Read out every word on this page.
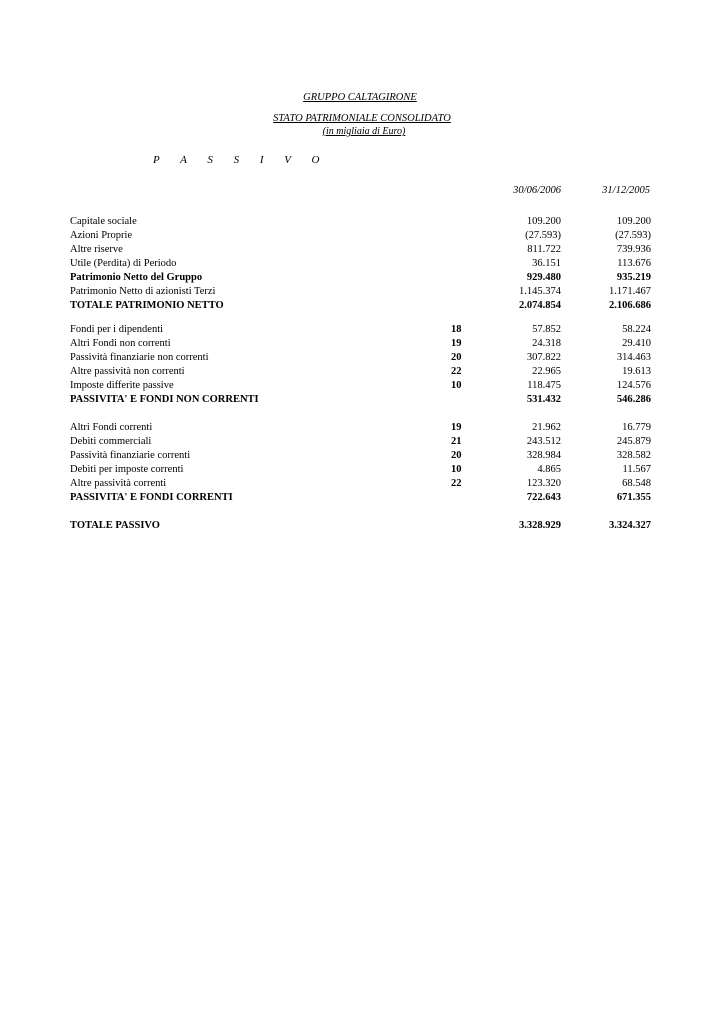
GRUPPO CALTAGIRONE
STATO PATRIMONIALE CONSOLIDATO
(in migliaia di Euro)
P A S S I V O
30/06/2006	31/12/2005
Capitale sociale	109.200	109.200
Azioni Proprie	(27.593)	(27.593)
Altre riserve	811.722	739.936
Utile (Perdita) di Periodo	36.151	113.676
Patrimonio Netto del Gruppo	929.480	935.219
Patrimonio Netto di azionisti Terzi	1.145.374	1.171.467
TOTALE PATRIMONIO NETTO	2.074.854	2.106.686
Fondi per i dipendenti	18	57.852	58.224
Altri Fondi non correnti	19	24.318	29.410
Passività finanziarie non correnti	20	307.822	314.463
Altre passività non correnti	22	22.965	19.613
Imposte differite passive	10	118.475	124.576
PASSIVITA' E FONDI NON CORRENTI	531.432	546.286
Altri Fondi correnti	19	21.962	16.779
Debiti commerciali	21	243.512	245.879
Passività finanziarie correnti	20	328.984	328.582
Debiti per imposte correnti	10	4.865	11.567
Altre passività correnti	22	123.320	68.548
PASSIVITA' E FONDI CORRENTI	722.643	671.355
TOTALE PASSIVO	3.328.929	3.324.327
